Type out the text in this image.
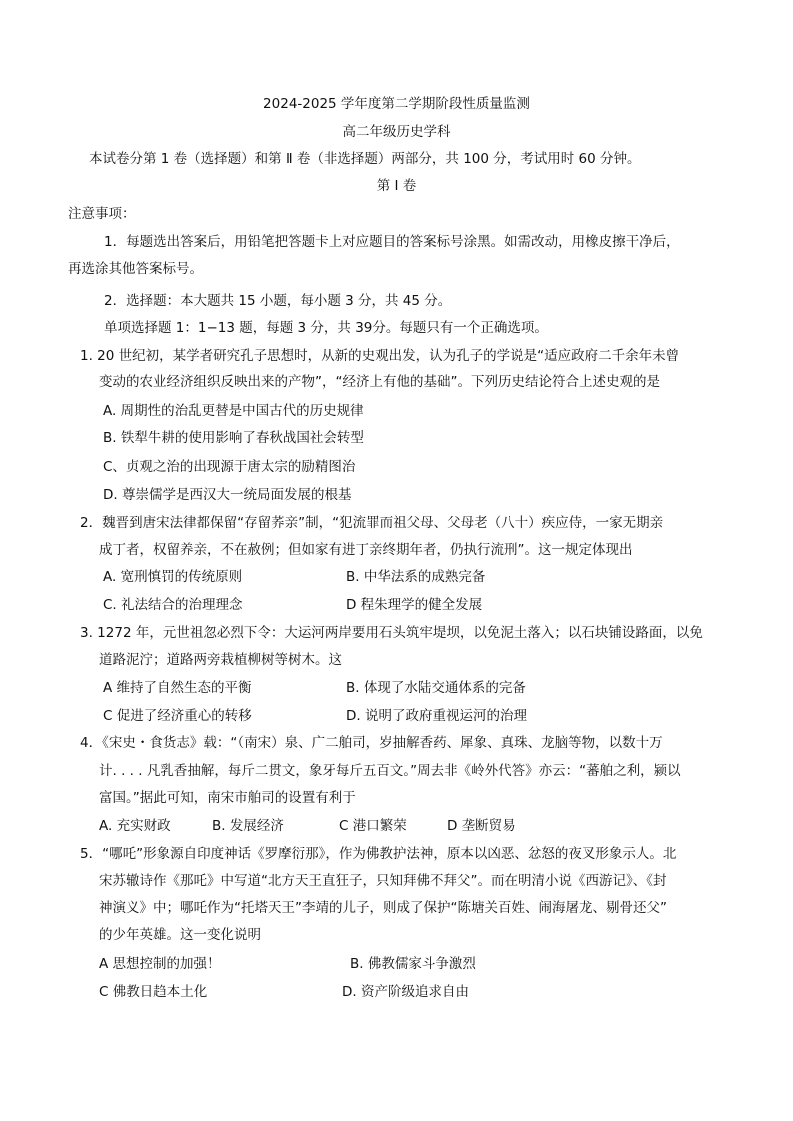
2024-2025 学年度第二学期阶段性质量监测
高二年级历史学科
本试卷分第 1 卷（选择题）和第 Ⅱ 卷（非选择题）两部分，共 100 分，考试用时 60 分钟。
第 I 卷
注意事项：
1．每题选出答案后，用铅笔把答题卡上对应题目的答案标号涂黑。如需改动，用橡皮擦干净后，
再选涂其他答案标号。
2．选择题：本大题共 15 小题，每小题 3 分，共 45 分。
单项选择题 1：1−13 题，每题 3 分，共 39分。每题只有一个正确选项。
1. 20 世纪初，某学者研究孔子思想时，从新的史观出发，认为孔子的学说是“适应政府二千余年未曾
变动的农业经济组织反映出来的产物”，“经济上有他的基础”。下列历史结论符合上述史观的是
A. 周期性的治乱更替是中国古代的历史规律
B. 铁犁牛耕的使用影响了春秋战国社会转型
C、贞观之治的出现源于唐太宗的励精图治
D. 尊崇儒学是西汉大一统局面发展的根基
2．魏晋到唐宋法律都保留“存留荞亲”制，“犯流罪而祖父母、父母老（八十）疾应侍，一家无期亲
成丁者，权留养亲，不在赦例；但如家有进丁亲终期年者，仍执行流刑”。这一规定体现出
A. 宽刑慎罚的传统原则	B. 中华法系的成熟完备
C. 礼法结合的治理理念	D 程朱理学的健全发展
3. 1272 年，元世祖忽必烈下令：大运河两岸要用石头筑牢堤坝，以免泥土落入；以石块铺设路面，以免
道路泥泞；道路两旁栽植柳树等树木。这
A 维持了自然生态的平衡	B. 体现了水陆交通体系的完备
C 促进了经济重心的转移	D. 说明了政府重视运河的治理
4．《宋史・食货志》载：“（南宋）泉、广二舶司，岁抽解香药、犀象、真珠、龙脑等物，以数十万
计. . . . 凡乳香抽解，每斤二贯文，象牙每斤五百文。”周去非《岭外代答》亦云：“蕃舶之利，颍以
富国。”据此可知，南宋市舶司的设置有利于
A. 充实财政	B. 发展经济	C 港口繁荣	D 垄断贸易
5．“哪吒”形象源自印度神话《罗摩衍那》，作为佛教护法神，原本以凶恶、忿怒的夜叉形象示人。北
宋苏辙诗作《那吒》中写道“北方天王直狂子，只知拜佛不拜父”。而在明清小说《西游记》、《封
神演义》中；哪吒作为“托塔天王”李靖的儿子，则成了保护“陈塘关百姓、闹海屠龙、剔骨还父”
的少年英雄。这一变化说明
A 思想控制的加强！	B. 佛教儒家斗争激烈
C 佛教日趋本土化	D. 资产阶级追求自由
